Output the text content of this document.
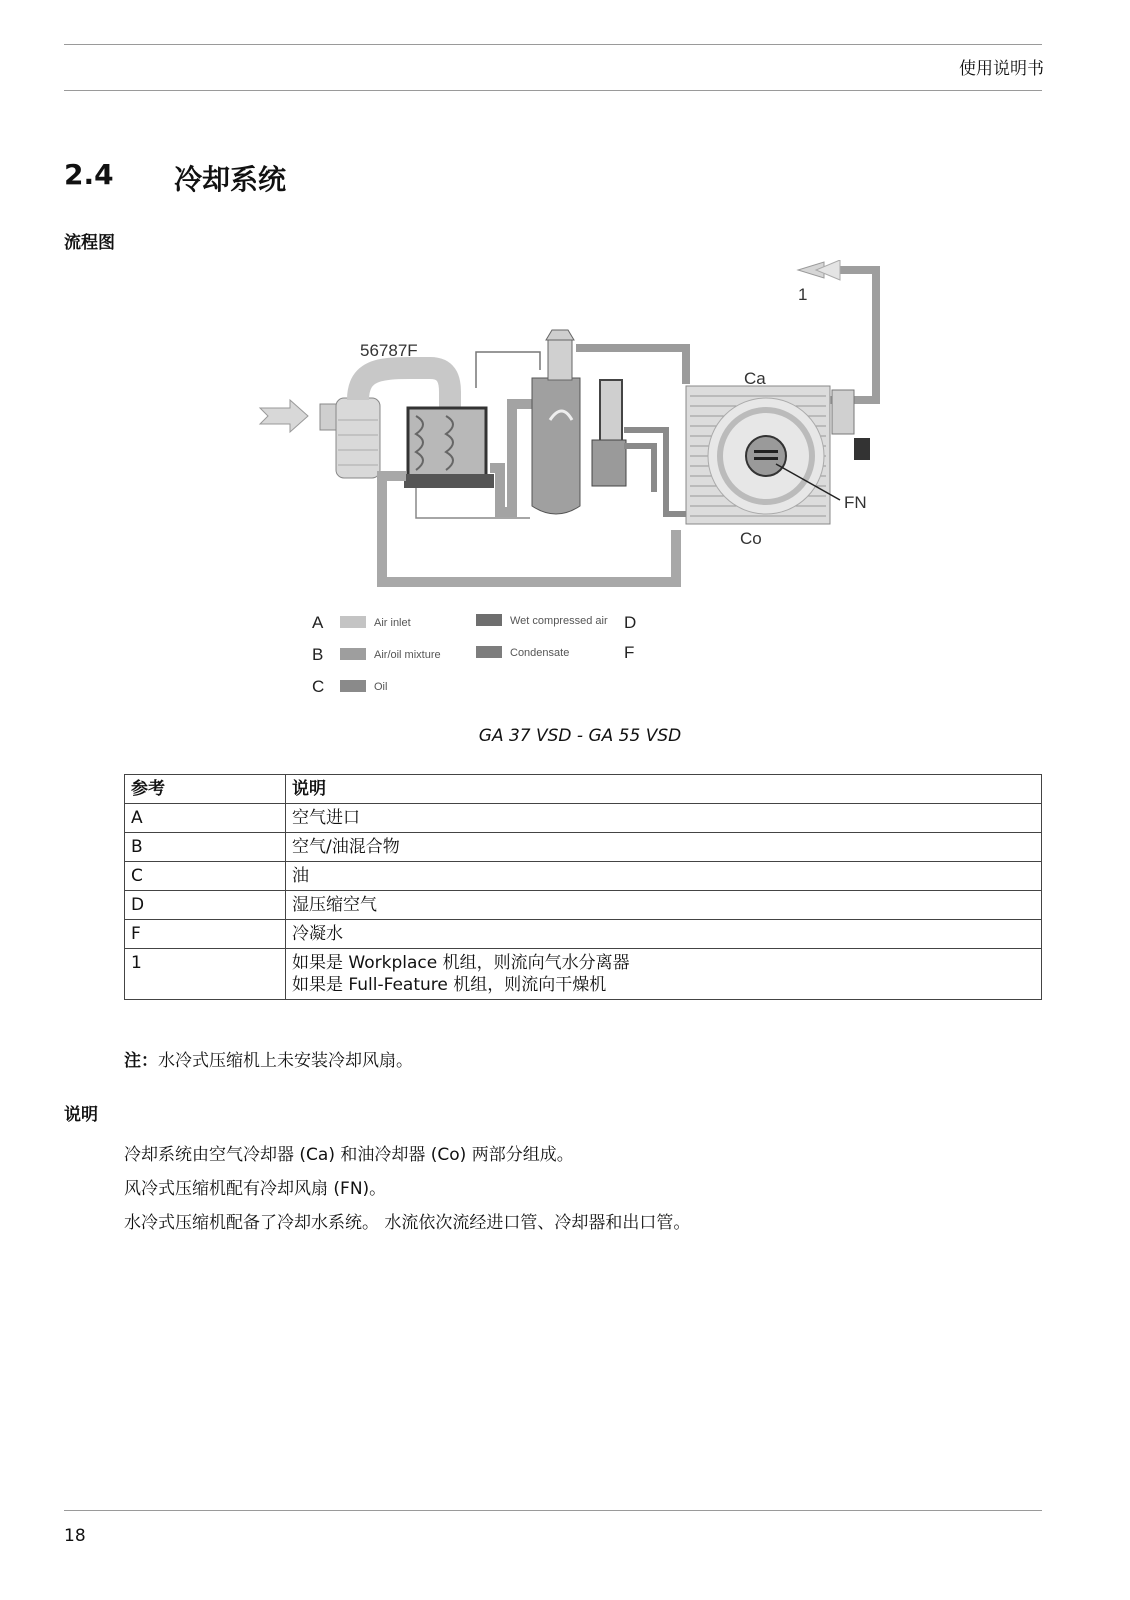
使用说明书
2.4 冷却系统
流程图
56787F
1
Ca
Co
FN
A	Air inlet
B	Air/oil mixture
C	Oil
Wet compressed air D
Condensate	F
GA 37 VSD - GA 55 VSD
参考	说明
A	空气进口
B	空气/油混合物
C	油
D	湿压缩空气
F	冷凝水
1	如果是 Workplace 机组，则流向气水分离器
如果是 Full-Feature 机组，则流向干燥机
注：水冷式压缩机上未安装冷却风扇。
说明
冷却系统由空气冷却器 (Ca) 和油冷却器 (Co) 两部分组成。
风冷式压缩机配有冷却风扇 (FN)。
水冷式压缩机配备了冷却水系统。 水流依次流经进口管、冷却器和出口管。
18
